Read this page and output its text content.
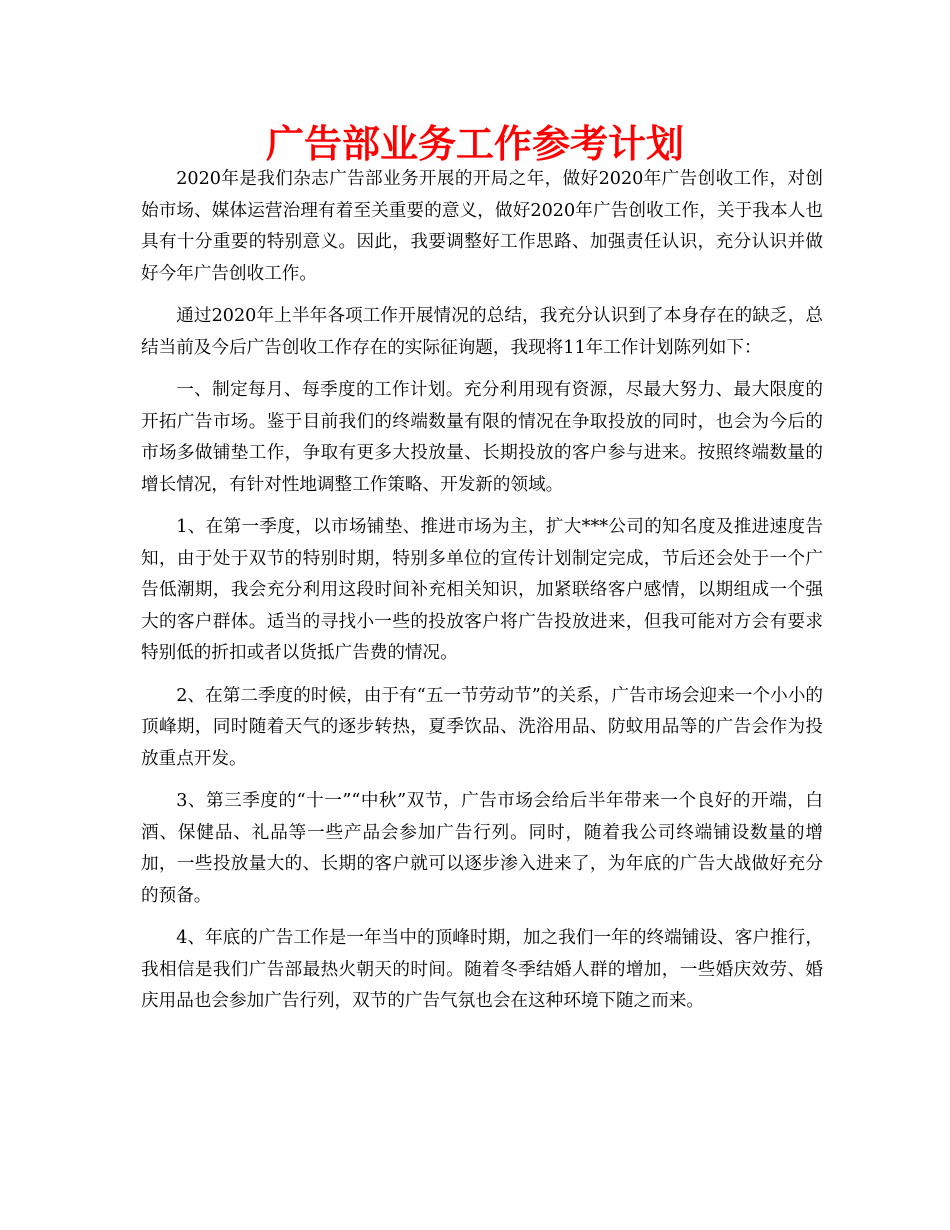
广告部业务工作参考计划

2020年是我们杂志广告部业务开展的开局之年，做好2020年广告创收工作，对创始市场、媒体运营治理有着至关重要的意义，做好2020年广告创收工作，关于我本人也具有十分重要的特别意义。因此，我要调整好工作思路、加强责任认识，充分认识并做好今年广告创收工作。

通过2020年上半年各项工作开展情况的总结，我充分认识到了本身存在的缺乏，总结当前及今后广告创收工作存在的实际征询题，我现将11年工作计划陈列如下：

一、制定每月、每季度的工作计划。充分利用现有资源，尽最大努力、最大限度的开拓广告市场。鉴于目前我们的终端数量有限的情况在争取投放的同时，也会为今后的市场多做铺垫工作，争取有更多大投放量、长期投放的客户参与进来。按照终端数量的增长情况，有针对性地调整工作策略、开发新的领域。

1、在第一季度，以市场铺垫、推进市场为主，扩大***公司的知名度及推进速度告知，由于处于双节的特别时期，特别多单位的宣传计划制定完成，节后还会处于一个广告低潮期，我会充分利用这段时间补充相关知识，加紧联络客户感情，以期组成一个强大的客户群体。适当的寻找小一些的投放客户将广告投放进来，但我可能对方会有要求特别低的折扣或者以货抵广告费的情况。

2、在第二季度的时候，由于有“五一节劳动节”的关系，广告市场会迎来一个小小的顶峰期，同时随着天气的逐步转热，夏季饮品、洗浴用品、防蚊用品等的广告会作为投放重点开发。

3、第三季度的“十一”“中秋”双节，广告市场会给后半年带来一个良好的开端，白酒、保健品、礼品等一些产品会参加广告行列。同时，随着我公司终端铺设数量的增加，一些投放量大的、长期的客户就可以逐步渗入进来了，为年底的广告大战做好充分的预备。

4、年底的广告工作是一年当中的顶峰时期，加之我们一年的终端铺设、客户推行，我相信是我们广告部最热火朝天的时间。随着冬季结婚人群的增加，一些婚庆效劳、婚庆用品也会参加广告行列，双节的广告气氛也会在这种环境下随之而来。
